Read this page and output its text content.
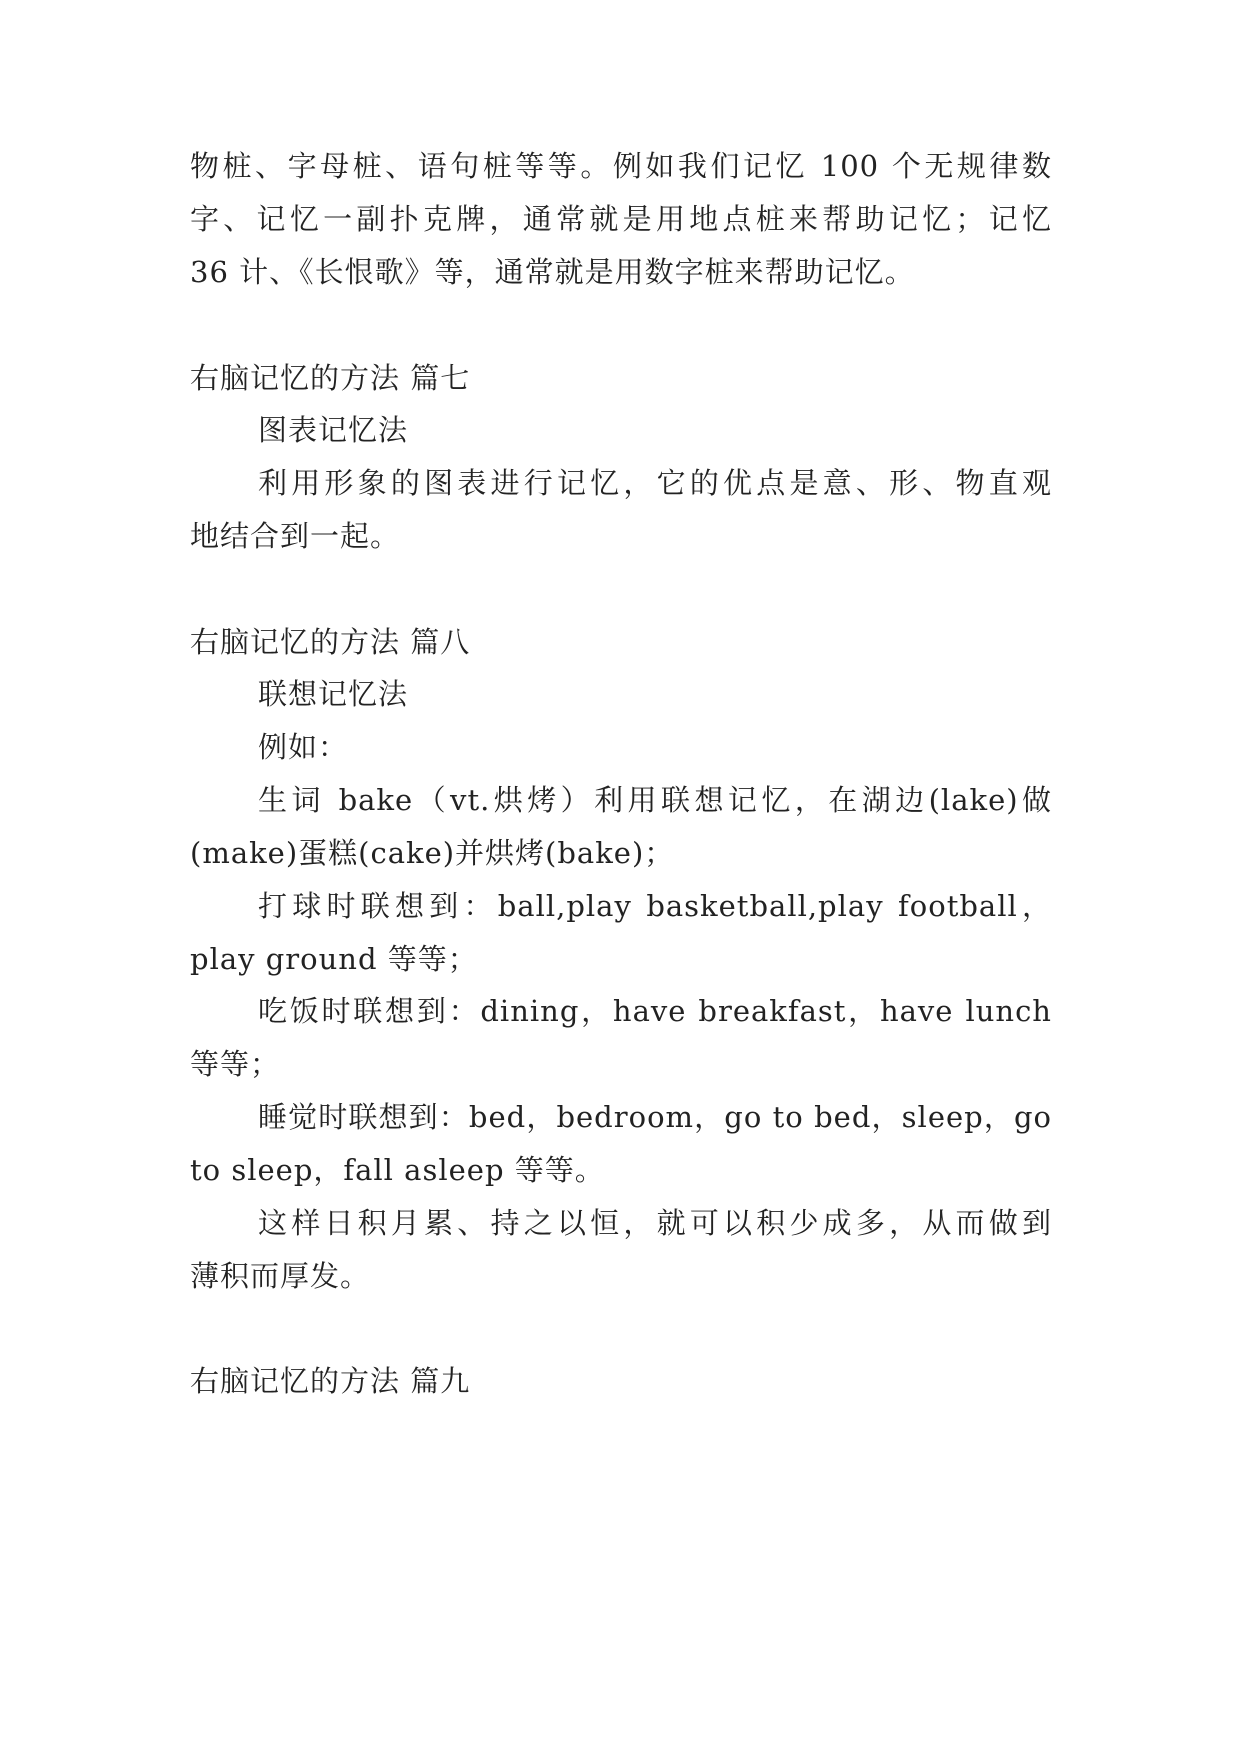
物桩、字母桩、语句桩等等。例如我们记忆 100 个无规律数
字、记忆一副扑克牌，通常就是用地点桩来帮助记忆；记忆
36 计、《长恨歌》等，通常就是用数字桩来帮助记忆。
右脑记忆的方法 篇七
图表记忆法
利用形象的图表进行记忆，它的优点是意、形、物直观
地结合到一起。
右脑记忆的方法 篇八
联想记忆法
例如：
生词 bake（vt.烘烤）利用联想记忆，在湖边(lake)做
(make)蛋糕(cake)并烘烤(bake)；
打球时联想到：ball,play basketball,play football，
play ground 等等；
吃饭时联想到：dining，have breakfast，have lunch
等等；
睡觉时联想到：bed，bedroom，go to bed，sleep，go
to sleep，fall asleep 等等。
这样日积月累、持之以恒，就可以积少成多，从而做到
薄积而厚发。
右脑记忆的方法 篇九
